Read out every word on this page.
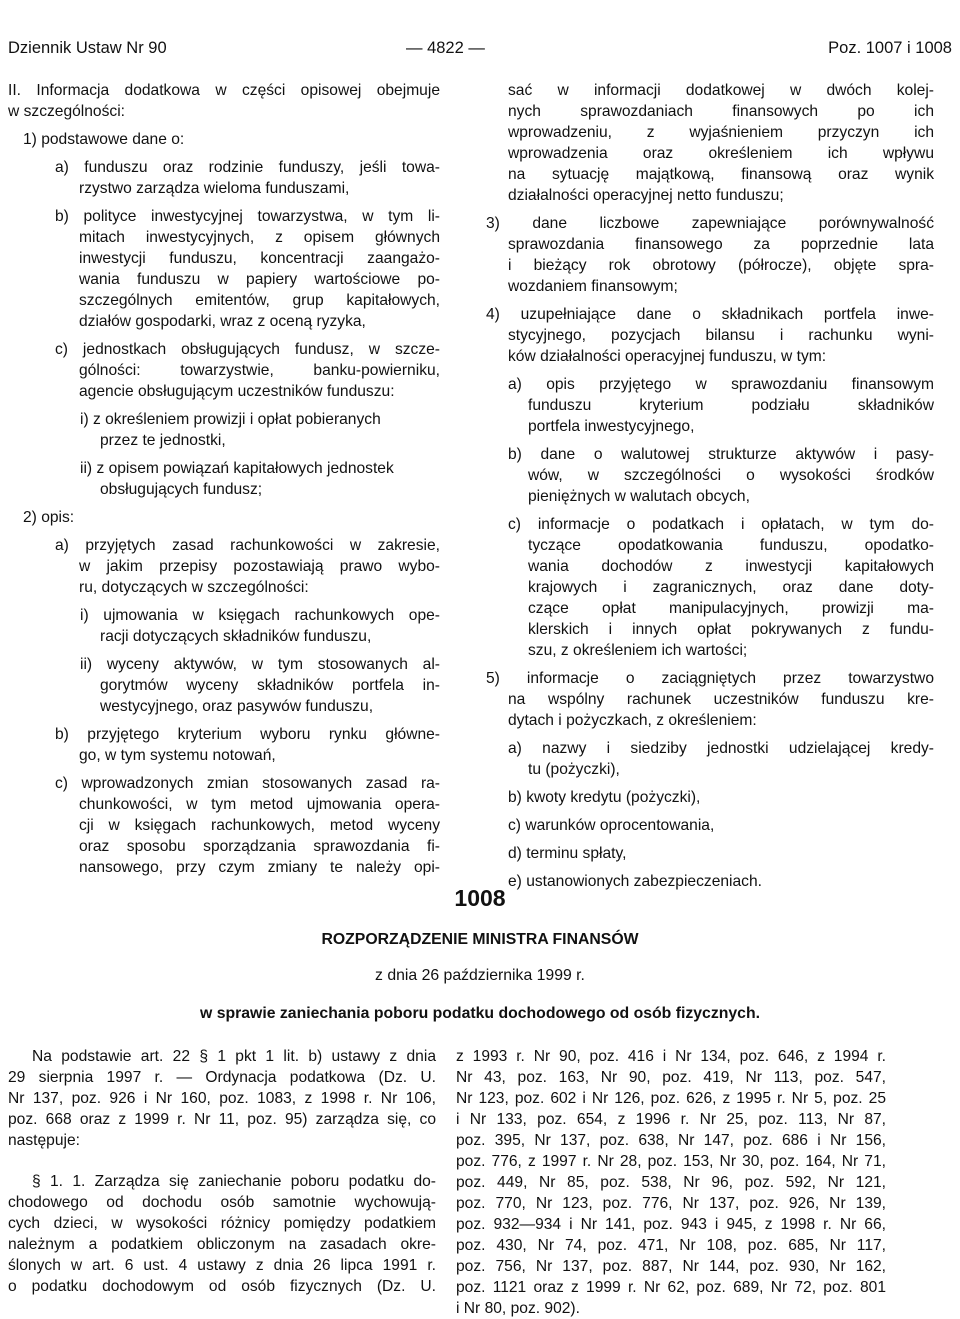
Dziennik Ustaw Nr 90	— 4822 —	Poz. 1007 i 1008
II. Informacja dodatkowa w części opisowej obejmuje
w szczególności:
1) podstawowe dane o:
a) funduszu oraz rodzinie funduszy, jeśli towa-
rzystwo zarządza wieloma funduszami,
b) polityce inwestycyjnej towarzystwa, w tym li-
mitach inwestycyjnych, z opisem głównych
inwestycji funduszu, koncentracji zaangażo-
wania funduszu w papiery wartościowe po-
szczególnych emitentów, grup kapitałowych,
działów gospodarki, wraz z oceną ryzyka,
c) jednostkach obsługujących fundusz, w szcze-
gólności: towarzystwie, banku-powierniku,
agencie obsługującym uczestników funduszu:
i) z określeniem prowizji i opłat pobieranych
przez te jednostki,
ii) z opisem powiązań kapitałowych jednostek
obsługujących fundusz;
2) opis:
a) przyjętych zasad rachunkowości w zakresie,
w jakim przepisy pozostawiają prawo wybo-
ru, dotyczących w szczególności:
i) ujmowania w księgach rachunkowych ope-
racji dotyczących składników funduszu,
ii) wyceny aktywów, w tym stosowanych al-
gorytmów wyceny składników portfela in-
westycyjnego, oraz pasywów funduszu,
b) przyjętego kryterium wyboru rynku główne-
go, w tym systemu notowań,
c) wprowadzonych zmian stosowanych zasad ra-
chunkowości, w tym metod ujmowania opera-
cji w księgach rachunkowych, metod wyceny
oraz sposobu sporządzania sprawozdania fi-
nansowego, przy czym zmiany te należy opi-
sać w informacji dodatkowej w dwóch kolej-
nych sprawozdaniach finansowych po ich
wprowadzeniu, z wyjaśnieniem przyczyn ich
wprowadzenia oraz określeniem ich wpływu
na sytuację majątkową, finansową oraz wynik
działalności operacyjnej netto funduszu;
3) dane liczbowe zapewniające porównywalność
sprawozdania finansowego za poprzednie lata
i bieżący rok obrotowy (półrocze), objęte spra-
wozdaniem finansowym;
4) uzupełniające dane o składnikach portfela inwe-
stycyjnego, pozycjach bilansu i rachunku wyni-
ków działalności operacyjnej funduszu, w tym:
a) opis przyjętego w sprawozdaniu finansowym
funduszu kryterium podziału składników
portfela inwestycyjnego,
b) dane o walutowej strukturze aktywów i pasy-
wów, w szczególności o wysokości środków
pieniężnych w walutach obcych,
c) informacje o podatkach i opłatach, w tym do-
tyczące opodatkowania funduszu, opodatko-
wania dochodów z inwestycji kapitałowych
krajowych i zagranicznych, oraz dane doty-
czące opłat manipulacyjnych, prowizji ma-
klerskich i innych opłat pokrywanych z fundu-
szu, z określeniem ich wartości;
5) informacje o zaciągniętych przez towarzystwo
na wspólny rachunek uczestników funduszu kre-
dytach i pożyczkach, z określeniem:
a) nazwy i siedziby jednostki udzielającej kredy-
tu (pożyczki),
b) kwoty kredytu (pożyczki),
c) warunków oprocentowania,
d) terminu spłaty,
e) ustanowionych zabezpieczeniach.
1008
ROZPORZĄDZENIE MINISTRA FINANSÓW
z dnia 26 października 1999 r.
w sprawie zaniechania poboru podatku dochodowego od osób fizycznych.
Na podstawie art. 22 § 1 pkt 1 lit. b) ustawy z dnia
29 sierpnia 1997 r. — Ordynacja podatkowa (Dz. U.
Nr 137, poz. 926 i Nr 160, poz. 1083, z 1998 r. Nr 106,
poz. 668 oraz z 1999 r. Nr 11, poz. 95) zarządza się, co
następuje:
§ 1. 1. Zarządza się zaniechanie poboru podatku do-
chodowego od dochodu osób samotnie wychowują-
cych dzieci, w wysokości różnicy pomiędzy podatkiem
należnym a podatkiem obliczonym na zasadach okre-
ślonych w art. 6 ust. 4 ustawy z dnia 26 lipca 1991 r.
o podatku dochodowym od osób fizycznych (Dz. U.
z 1993 r. Nr 90, poz. 416 i Nr 134, poz. 646, z 1994 r.
Nr 43, poz. 163, Nr 90, poz. 419, Nr 113, poz. 547,
Nr 123, poz. 602 i Nr 126, poz. 626, z 1995 r. Nr 5, poz. 25
i Nr 133, poz. 654, z 1996 r. Nr 25, poz. 113, Nr 87,
poz. 395, Nr 137, poz. 638, Nr 147, poz. 686 i Nr 156,
poz. 776, z 1997 r. Nr 28, poz. 153, Nr 30, poz. 164, Nr 71,
poz. 449, Nr 85, poz. 538, Nr 96, poz. 592, Nr 121,
poz. 770, Nr 123, poz. 776, Nr 137, poz. 926, Nr 139,
poz. 932—934 i Nr 141, poz. 943 i 945, z 1998 r. Nr 66,
poz. 430, Nr 74, poz. 471, Nr 108, poz. 685, Nr 117,
poz. 756, Nr 137, poz. 887, Nr 144, poz. 930, Nr 162,
poz. 1121 oraz z 1999 r. Nr 62, poz. 689, Nr 72, poz. 801
i Nr 80, poz. 902).
